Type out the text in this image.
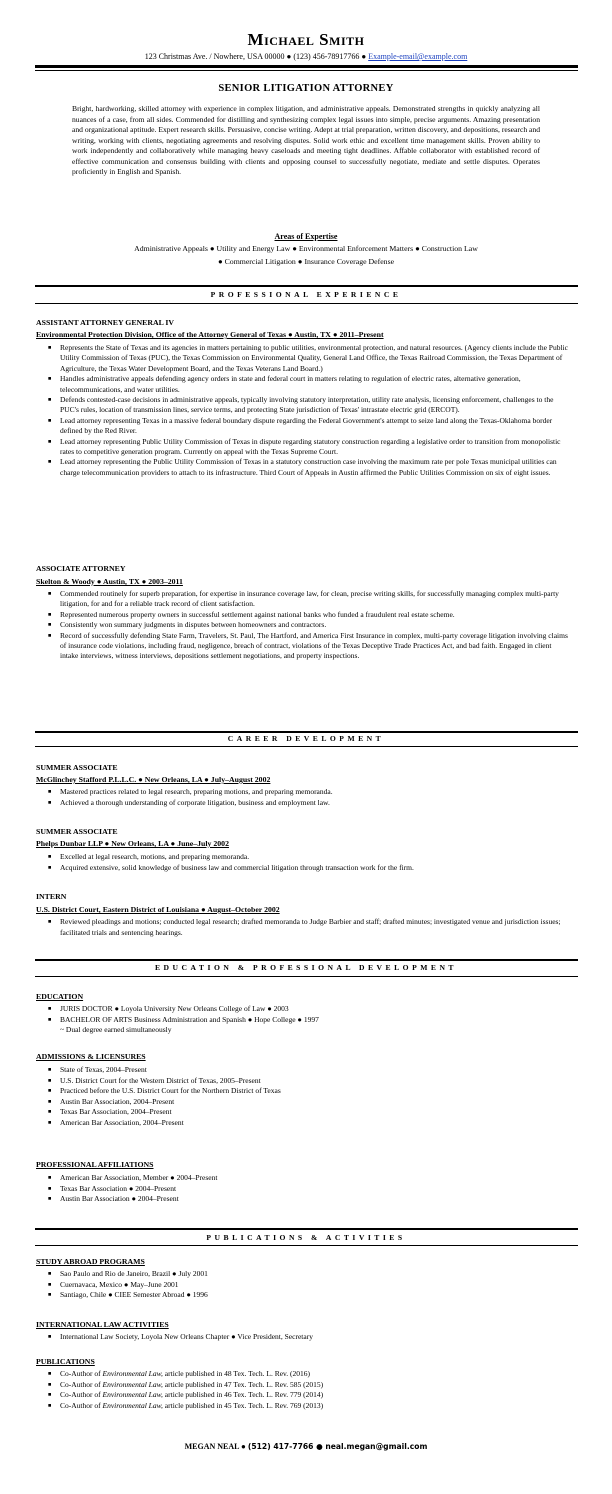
Michael Smith
123 Christmas Ave. / Nowhere, USA 00000 ● (123) 456-78917766 ● Example-email@example.com
SENIOR LITIGATION ATTORNEY
Bright, hardworking, skilled attorney with experience in complex litigation, and administrative appeals. Demonstrated strengths in quickly analyzing all nuances of a case, from all sides. Commended for distilling and synthesizing complex legal issues into simple, precise arguments. Amazing presentation and organizational aptitude. Expert research skills. Persuasive, concise writing. Adept at trial preparation, written discovery, and depositions, research and writing, working with clients, negotiating agreements and resolving disputes. Solid work ethic and excellent time management skills. Proven ability to work independently and collaboratively while managing heavy caseloads and meeting tight deadlines. Affable collaborator with established record of effective communication and consensus building with clients and opposing counsel to successfully negotiate, mediate and settle disputes. Operates proficiently in English and Spanish.
Areas of Expertise
Administrative Appeals ● Utility and Energy Law ● Environmental Enforcement Matters ● Construction Law
● Commercial Litigation ● Insurance Coverage Defense
PROFESSIONAL EXPERIENCE
ASSISTANT ATTORNEY GENERAL IV
Environmental Protection Division, Office of the Attorney General of Texas ● Austin, TX ● 2011–Present
■ Represents the State of Texas and its agencies in matters pertaining to public utilities, environmental protection, and natural resources. (Agency clients include the Public Utility Commission of Texas (PUC), the Texas Commission on Environmental Quality, General Land Office, the Texas Railroad Commission, the Texas Department of Agriculture, the Texas Water Development Board, and the Texas Veterans Land Board.)
■ Handles administrative appeals defending agency orders in state and federal court in matters relating to regulation of electric rates, alternative generation, telecommunications, and water utilities.
■ Defends contested-case decisions in administrative appeals, typically involving statutory interpretation, utility rate analysis, licensing enforcement, challenges to the PUC's rules, location of transmission lines, service terms, and protecting State jurisdiction of Texas' intrastate electric grid (ERCOT).
■ Lead attorney representing Texas in a massive federal boundary dispute regarding the Federal Government's attempt to seize land along the Texas-Oklahoma border defined by the Red River.
■ Lead attorney representing Public Utility Commission of Texas in dispute regarding statutory construction regarding a legislative order to transition from monopolistic rates to competitive generation program. Currently on appeal with the Texas Supreme Court.
■ Lead attorney representing the Public Utility Commission of Texas in a statutory construction case involving the maximum rate per pole Texas municipal utilities can charge telecommunication providers to attach to its infrastructure. Third Court of Appeals in Austin affirmed the Public Utilities Commission on six of eight issues.
ASSOCIATE ATTORNEY
Skelton & Woody ● Austin, TX ● 2003–2011
■ Commended routinely for superb preparation, for expertise in insurance coverage law, for clean, precise writing skills, for successfully managing complex multi-party litigation, for and for a reliable track record of client satisfaction.
■ Represented numerous property owners in successful settlement against national banks who funded a fraudulent real estate scheme.
■ Consistently won summary judgments in disputes between homeowners and contractors.
■ Record of successfully defending State Farm, Travelers, St. Paul, The Hartford, and America First Insurance in complex, multi-party coverage litigation involving claims of insurance code violations, including fraud, negligence, breach of contract, violations of the Texas Deceptive Trade Practices Act, and bad faith. Engaged in client intake interviews, witness interviews, depositions settlement negotiations, and property inspections.
CAREER DEVELOPMENT
SUMMER ASSOCIATE
McGlinchey Stafford P.L.L.C. ● New Orleans, LA ● July–August 2002
■ Mastered practices related to legal research, preparing motions, and preparing memoranda.
■ Achieved a thorough understanding of corporate litigation, business and employment law.
SUMMER ASSOCIATE
Phelps Dunbar LLP ● New Orleans, LA ● June–July 2002
■ Excelled at legal research, motions, and preparing memoranda.
■ Acquired extensive, solid knowledge of business law and commercial litigation through transaction work for the firm.
INTERN
U.S. District Court, Eastern District of Louisiana ● August–October 2002
■ Reviewed pleadings and motions; conducted legal research; drafted memoranda to Judge Barbier and staff; drafted minutes; investigated venue and jurisdiction issues; facilitated trials and sentencing hearings.
EDUCATION & PROFESSIONAL DEVELOPMENT
EDUCATION
■ JURIS DOCTOR ● Loyola University New Orleans College of Law ● 2003
■ BACHELOR OF ARTS Business Administration and Spanish ● Hope College ● 1997
~ Dual degree earned simultaneously
ADMISSIONS & LICENSURES
■ State of Texas, 2004–Present
■ U.S. District Court for the Western District of Texas, 2005–Present
■ Practiced before the U.S. District Court for the Northern District of Texas
■ Austin Bar Association, 2004–Present
■ Texas Bar Association, 2004–Present
■ American Bar Association, 2004–Present
PROFESSIONAL AFFILIATIONS
■ American Bar Association, Member ● 2004–Present
■ Texas Bar Association ● 2004–Present
■ Austin Bar Association ● 2004–Present
PUBLICATIONS & ACTIVITIES
STUDY ABROAD PROGRAMS
■ Sao Paulo and Rio de Janeiro, Brazil ● July 2001
■ Cuernavaca, Mexico ● May–June 2001
■ Santiago, Chile ● CIEE Semester Abroad ● 1996
INTERNATIONAL LAW ACTIVITIES
■ International Law Society, Loyola New Orleans Chapter ● Vice President, Secretary
PUBLICATIONS
■ Co-Author of Environmental Law, article published in 48 Tex. Tech. L. Rev. (2016)
■ Co-Author of Environmental Law, article published in 47 Tex. Tech. L. Rev. 585 (2015)
■ Co-Author of Environmental Law, article published in 46 Tex. Tech. L. Rev. 779 (2014)
■ Co-Author of Environmental Law, article published in 45 Tex. Tech. L. Rev. 769 (2013)
MEGAN NEAL ● (512) 417-7766 ● neal.megan@gmail.com
